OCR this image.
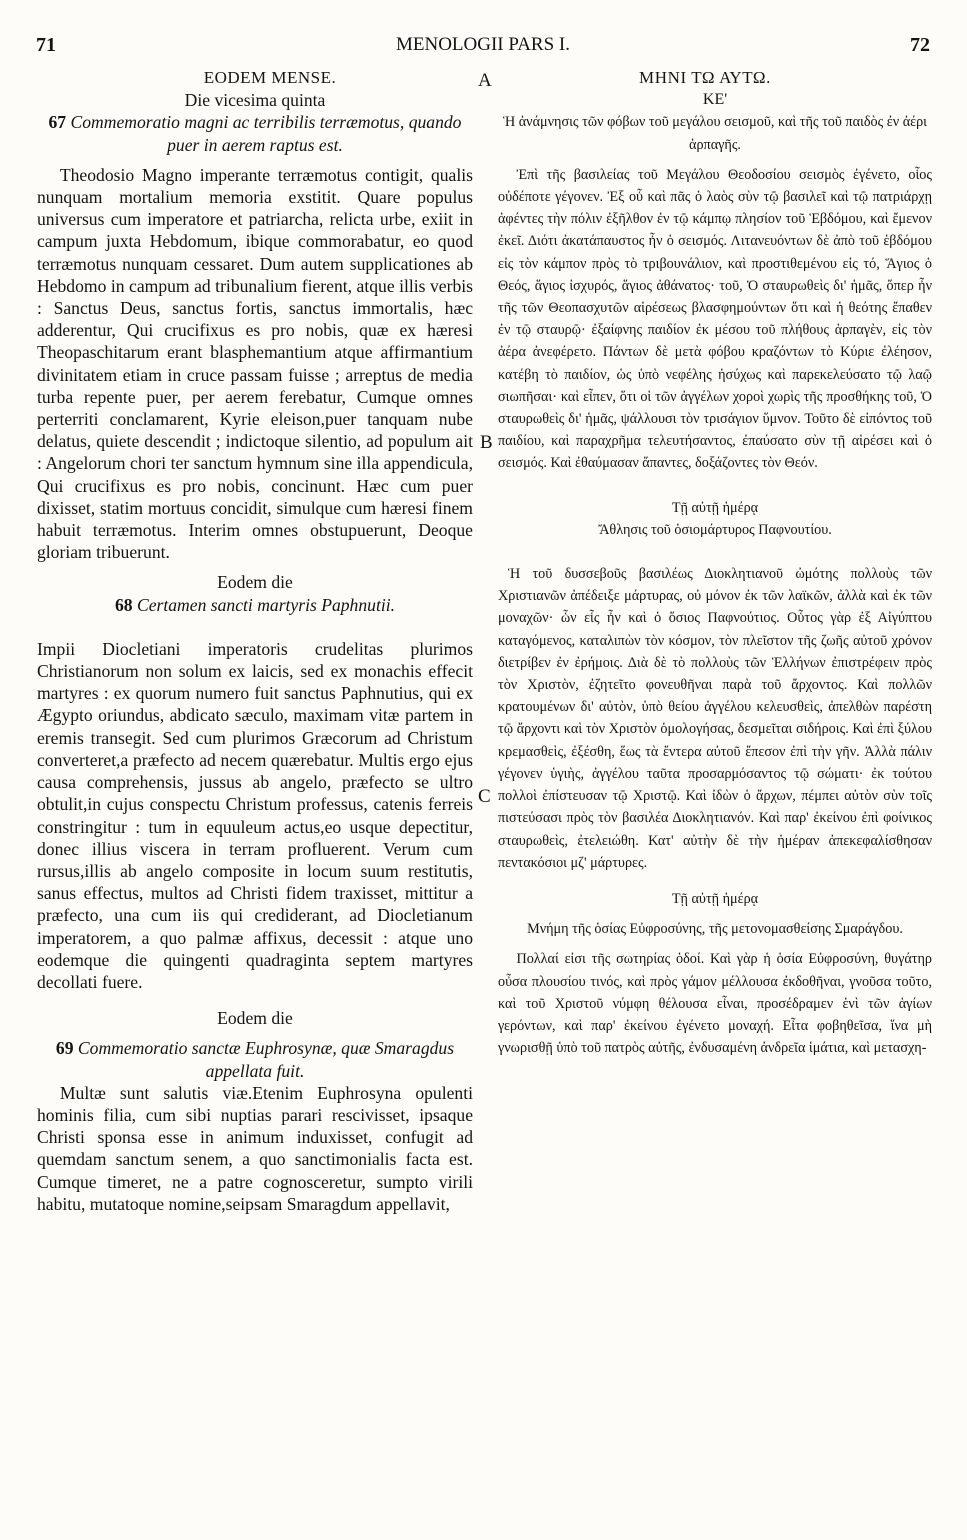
71	MENOLOGII PARS I.	72
A
B
C
EODEM MENSE.
Die vicesima quinta
67 Commemoratio magni ac terribilis terræmotus, quando puer in aerem raptus est.

Theodosio Magno imperante terræmotus contigit, qualis nunquam mortalium memoria exstitit. Quare populus universus cum imperatore et patriarcha, relicta urbe, exiit in campum juxta Hebdomum, ibique commorabatur, eo quod terræmotus nunquam cessaret. Dum autem supplicationes ab Hebdomo in campum ad tribunalium fierent, atque illis verbis : Sanctus Deus, sanctus fortis, sanctus immortalis, hæc adderentur, Qui crucifixus es pro nobis, quæ ex hæresi Theopaschitarum erant blasphemantium atque affirmantium divinitatem etiam in cruce passam fuisse ; arreptus de media turba repente puer, per aerem ferebatur, Cumque omnes perterriti conclamarent, Kyrie eleison,puer tanquam nube delatus, quiete descendit ; indictoque silentio, ad populum ait : Angelorum chori ter sanctum hymnum sine illa appendicula, Qui crucifixus es pro nobis, concinunt. Hæc cum puer dixisset, statim mortuus concidit, simulque cum hæresi finem habuit terræmotus. Interim omnes obstupuerunt, Deoque gloriam tribuerunt.

Eodem die
68 Certamen sancti martyris Paphnutii.

Impii Diocletiani imperatoris crudelitas plurimos Christianorum non solum ex laicis, sed ex monachis effecit martyres : ex quorum numero fuit sanctus Paphnutius, qui ex Ægypto oriundus, abdicato sæculo, maximam vitæ partem in eremis transegit. Sed cum plurimos Græcorum ad Christum converteret,a præfecto ad necem quærebatur. Multis ergo ejus causa comprehensis, jussus ab angelo, præfecto se ultro obtulit,in cujus conspectu Christum professus, catenis ferreis constringitur : tum in equuleum actus,eo usque depectitur, donec illius viscera in terram profluerent. Verum cum rursus,illis ab angelo composite in locum suum restitutis, sanus effectus, multos ad Christi fidem traxisset, mittitur a præfecto, una cum iis qui crediderant, ad Diocletianum imperatorem, a quo palmæ affixus, decessit : atque uno eodemque die quingenti quadraginta septem martyres decollati fuere.

Eodem die
69 Commemoratio sanctæ Euphrosynæ, quæ Smaragdus appellata fuit.

Multæ sunt salutis viæ.Etenim Euphrosyna opulenti hominis filia, cum sibi nuptias parari rescivisset, ipsaque Christi sponsa esse in animum induxisset, confugit ad quemdam sanctum senem, a quo sanctimonialis facta est. Cumque timeret, ne a patre cognosceretur, sumpto virili habitu, mutatoque nomine,seipsam Smaragdum appellavit,

ΜΗΝΙ ΤΩ ΑΥΤΩ.
ΚΕ'
Ἡ ἀνάμνησις τῶν φόβων τοῦ μεγάλου σεισμοῦ, καὶ τῆς τοῦ παιδὸς ἐν ἀέρι ἁρπαγῆς.

Ἐπὶ τῆς βασιλείας τοῦ Μεγάλου Θεοδοσίου σεισμὸς ἐγένετο, οἷος οὐδέποτε γέγονεν. Ἐξ οὗ καὶ πᾶς ὁ λαὸς σὺν τῷ βασιλεῖ καὶ τῷ πατριάρχῃ ἀφέντες τὴν πόλιν ἐξῆλθον ἐν τῷ κάμπῳ πλησίον τοῦ Ἑβδόμου, καὶ ἔμενον ἐκεῖ. Διότι ἀκατάπαυστος ἦν ὁ σεισμός. Λιτανευόντων δὲ ἀπὸ τοῦ ἑβδόμου εἰς τὸν κάμπον πρὸς τὸ τριβουνάλιον, καὶ προστιθεμένου εἰς τό, Ἅγιος ὁ Θεός, ἅγιος ἰσχυρός, ἅγιος ἀθάνατος· τοῦ, Ὁ σταυρωθεὶς δι' ἡμᾶς, ὅπερ ἦν τῆς τῶν Θεοπασχυτῶν αἱρέσεως βλασφημούντων ὅτι καὶ ἡ θεότης ἔπαθεν ἐν τῷ σταυρῷ· ἐξαίφνης παιδίον ἐκ μέσου τοῦ πλήθους ἁρπαγὲν, εἰς τὸν ἀέρα ἀνεφέρετο. Πάντων δὲ μετὰ φόβου κραζόντων τὸ Κύριε ἐλέησον, κατέβη τὸ παιδίον, ὡς ὑπὸ νεφέλης ἡσύχως καὶ παρεκελεύσατο τῷ λαῷ σιωπῆσαι· καὶ εἶπεν, ὅτι οἱ τῶν ἀγγέλων χοροὶ χωρὶς τῆς προσθήκης τοῦ, Ὁ σταυρωθεὶς δι' ἡμᾶς, ψάλλουσι τὸν τρισάγιον ὕμνον. Τοῦτο δὲ εἰπόντος τοῦ παιδίου, καὶ παραχρῆμα τελευτήσαντος, ἐπαύσατο σὺν τῇ αἱρέσει καὶ ὁ σεισμός. Καὶ ἐθαύμασαν ἅπαντες, δοξάζοντες τὸν Θεόν.

Τῇ αὐτῇ ἡμέρᾳ
Ἄθλησις τοῦ ὁσιομάρτυρος Παφνουτίου.

Ἡ τοῦ δυσσεβοῦς βασιλέως Διοκλητιανοῦ ὠμότης πολλοὺς τῶν Χριστιανῶν ἀπέδειξε μάρτυρας, οὐ μόνον ἐκ τῶν λαϊκῶν, ἀλλὰ καὶ ἐκ τῶν μοναχῶν· ὧν εἷς ἦν καὶ ὁ ὅσιος Παφνούτιος. Οὗτος γὰρ ἐξ Αἰγύπτου καταγόμενος, καταλιπὼν τὸν κόσμον, τὸν πλεῖστον τῆς ζωῆς αὐτοῦ χρόνον διετρίβεν ἐν ἐρήμοις. Διὰ δὲ τὸ πολλοὺς τῶν Ἑλλήνων ἐπιστρέφειν πρὸς τὸν Χριστὸν, ἐζητεῖτο φονευθῆναι παρὰ τοῦ ἄρχοντος. Καὶ πολλῶν κρατουμένων δι' αὐτὸν, ὑπὸ θείου ἀγγέλου κελευσθεὶς, ἀπελθὼν παρέστη τῷ ἄρχοντι καὶ τὸν Χριστὸν ὁμολογήσας, δεσμεῖται σιδήροις. Καὶ ἐπὶ ξύλου κρεμασθεὶς, ἐξέσθη, ἕως τὰ ἔντερα αὐτοῦ ἔπεσον ἐπὶ τὴν γῆν. Ἀλλὰ πάλιν γέγονεν ὑγιὴς, ἀγγέλου ταῦτα προσαρμόσαντος τῷ σώματι· ἐκ τούτου πολλοὶ ἐπίστευσαν τῷ Χριστῷ. Καὶ ἰδὼν ὁ ἄρχων, πέμπει αὐτὸν σὺν τοῖς πιστεύσασι πρὸς τὸν βασιλέα Διοκλητιανόν. Καὶ παρ' ἐκείνου ἐπὶ φοίνικος σταυρωθεὶς, ἐτελειώθη. Κατ' αὐτὴν δὲ τὴν ἡμέραν ἀπεκεφαλίσθησαν πεντακόσιοι μζ' μάρτυρες.

Τῇ αὐτῇ ἡμέρᾳ
Μνήμη τῆς ὁσίας Εὐφροσύνης, τῆς μετονομασθείσης Σμαράγδου.

Πολλαί εἰσι τῆς σωτηρίας ὁδοί. Καὶ γὰρ ἡ ὁσία Εὐφροσύνη, θυγάτηρ οὖσα πλουσίου τινός, καὶ πρὸς γάμον μέλλουσα ἐκδοθῆναι, γνοῦσα τοῦτο, καὶ τοῦ Χριστοῦ νύμφη θέλουσα εἶναι, προσέδραμεν ἑνὶ τῶν ἁγίων γερόντων, καὶ παρ' ἐκείνου ἐγένετο μοναχή. Εἶτα φοβηθεῖσα, ἵνα μὴ γνωρισθῇ ὑπὸ τοῦ πατρὸς αὐτῆς, ἐνδυσαμένη ἀνδρεῖα ἱμάτια, καὶ μετασχη-
